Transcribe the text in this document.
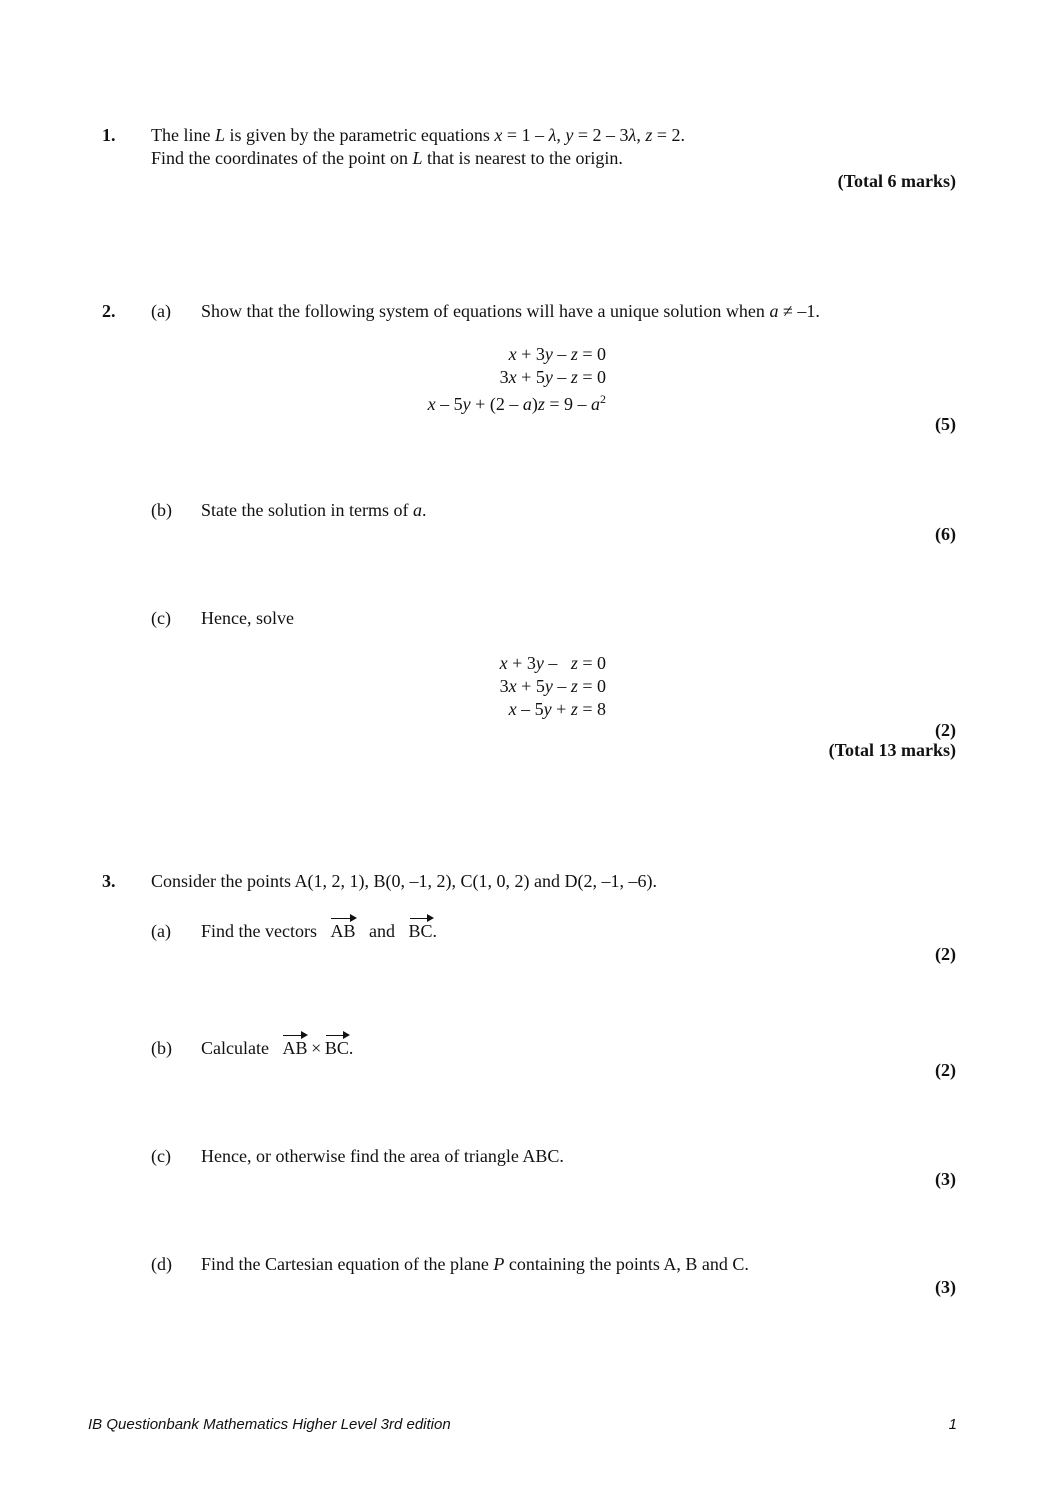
1. The line L is given by the parametric equations x = 1 – λ, y = 2 – 3λ, z = 2.
Find the coordinates of the point on L that is nearest to the origin.
(Total 6 marks)
2. (a) Show that the following system of equations will have a unique solution when a ≠ –1.
x + 3y – z = 0
3x + 5y – z = 0
$x - 5y + (2 - a)z = 9 - a^2$
(5)
(b) State the solution in terms of a.
(6)
(c) Hence, solve
x + 3y –   z = 0
3x + 5y – z = 0
x – 5y + z = 8
(2)
(Total 13 marks)
3. Consider the points A(1, 2, 1), B(0, –1, 2), C(1, 0, 2) and D(2, –1, –6).
(a) Find the vectors AB and BC.
(2)
(b) Calculate AB  ×  BC.
(2)
(c) Hence, or otherwise find the area of triangle ABC.
(3)
(d) Find the Cartesian equation of the plane P containing the points A, B and C.
(3)
IB Questionbank Mathematics Higher Level 3rd edition	1
